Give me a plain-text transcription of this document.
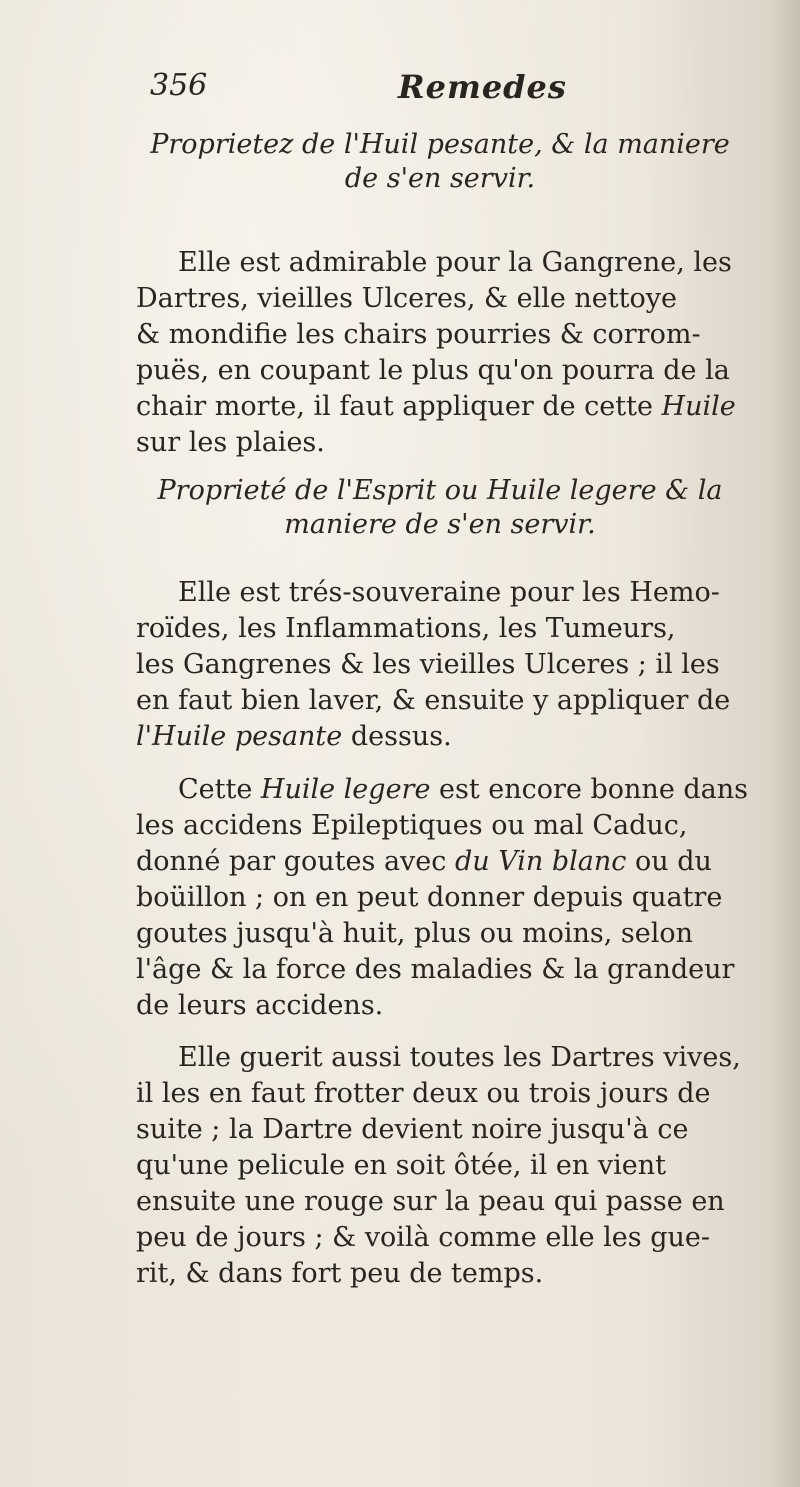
356	Remedes
Proprietez de l'Huil pesante, & la maniere
de s'en servir.
Elle est admirable pour la Gangrene, les
Dartres, vieilles Ulceres, & elle nettoye
& mondifie les chairs pourries & corrom-
puës, en coupant le plus qu'on pourra de la
chair morte, il faut appliquer de cette Huile
sur les plaies.
Proprieté de l'Esprit ou Huile legere & la
maniere de s'en servir.
Elle est trés-souveraine pour les Hemo-
roïdes, les Inflammations, les Tumeurs,
les Gangrenes & les vieilles Ulceres ; il les
en faut bien laver, & ensuite y appliquer de
l'Huile pesante dessus.
Cette Huile legere est encore bonne dans
les accidens Epileptiques ou mal Caduc,
donné par goutes avec du Vin blanc ou du
boüillon ; on en peut donner depuis quatre
goutes jusqu'à huit, plus ou moins, selon
l'âge & la force des maladies & la grandeur
de leurs accidens.
Elle guerit aussi toutes les Dartres vives,
il les en faut frotter deux ou trois jours de
suite ; la Dartre devient noire jusqu'à ce
qu'une pelicule en soit ôtée, il en vient
ensuite une rouge sur la peau qui passe en
peu de jours ; & voilà comme elle les gue-
rit, & dans fort peu de temps.
